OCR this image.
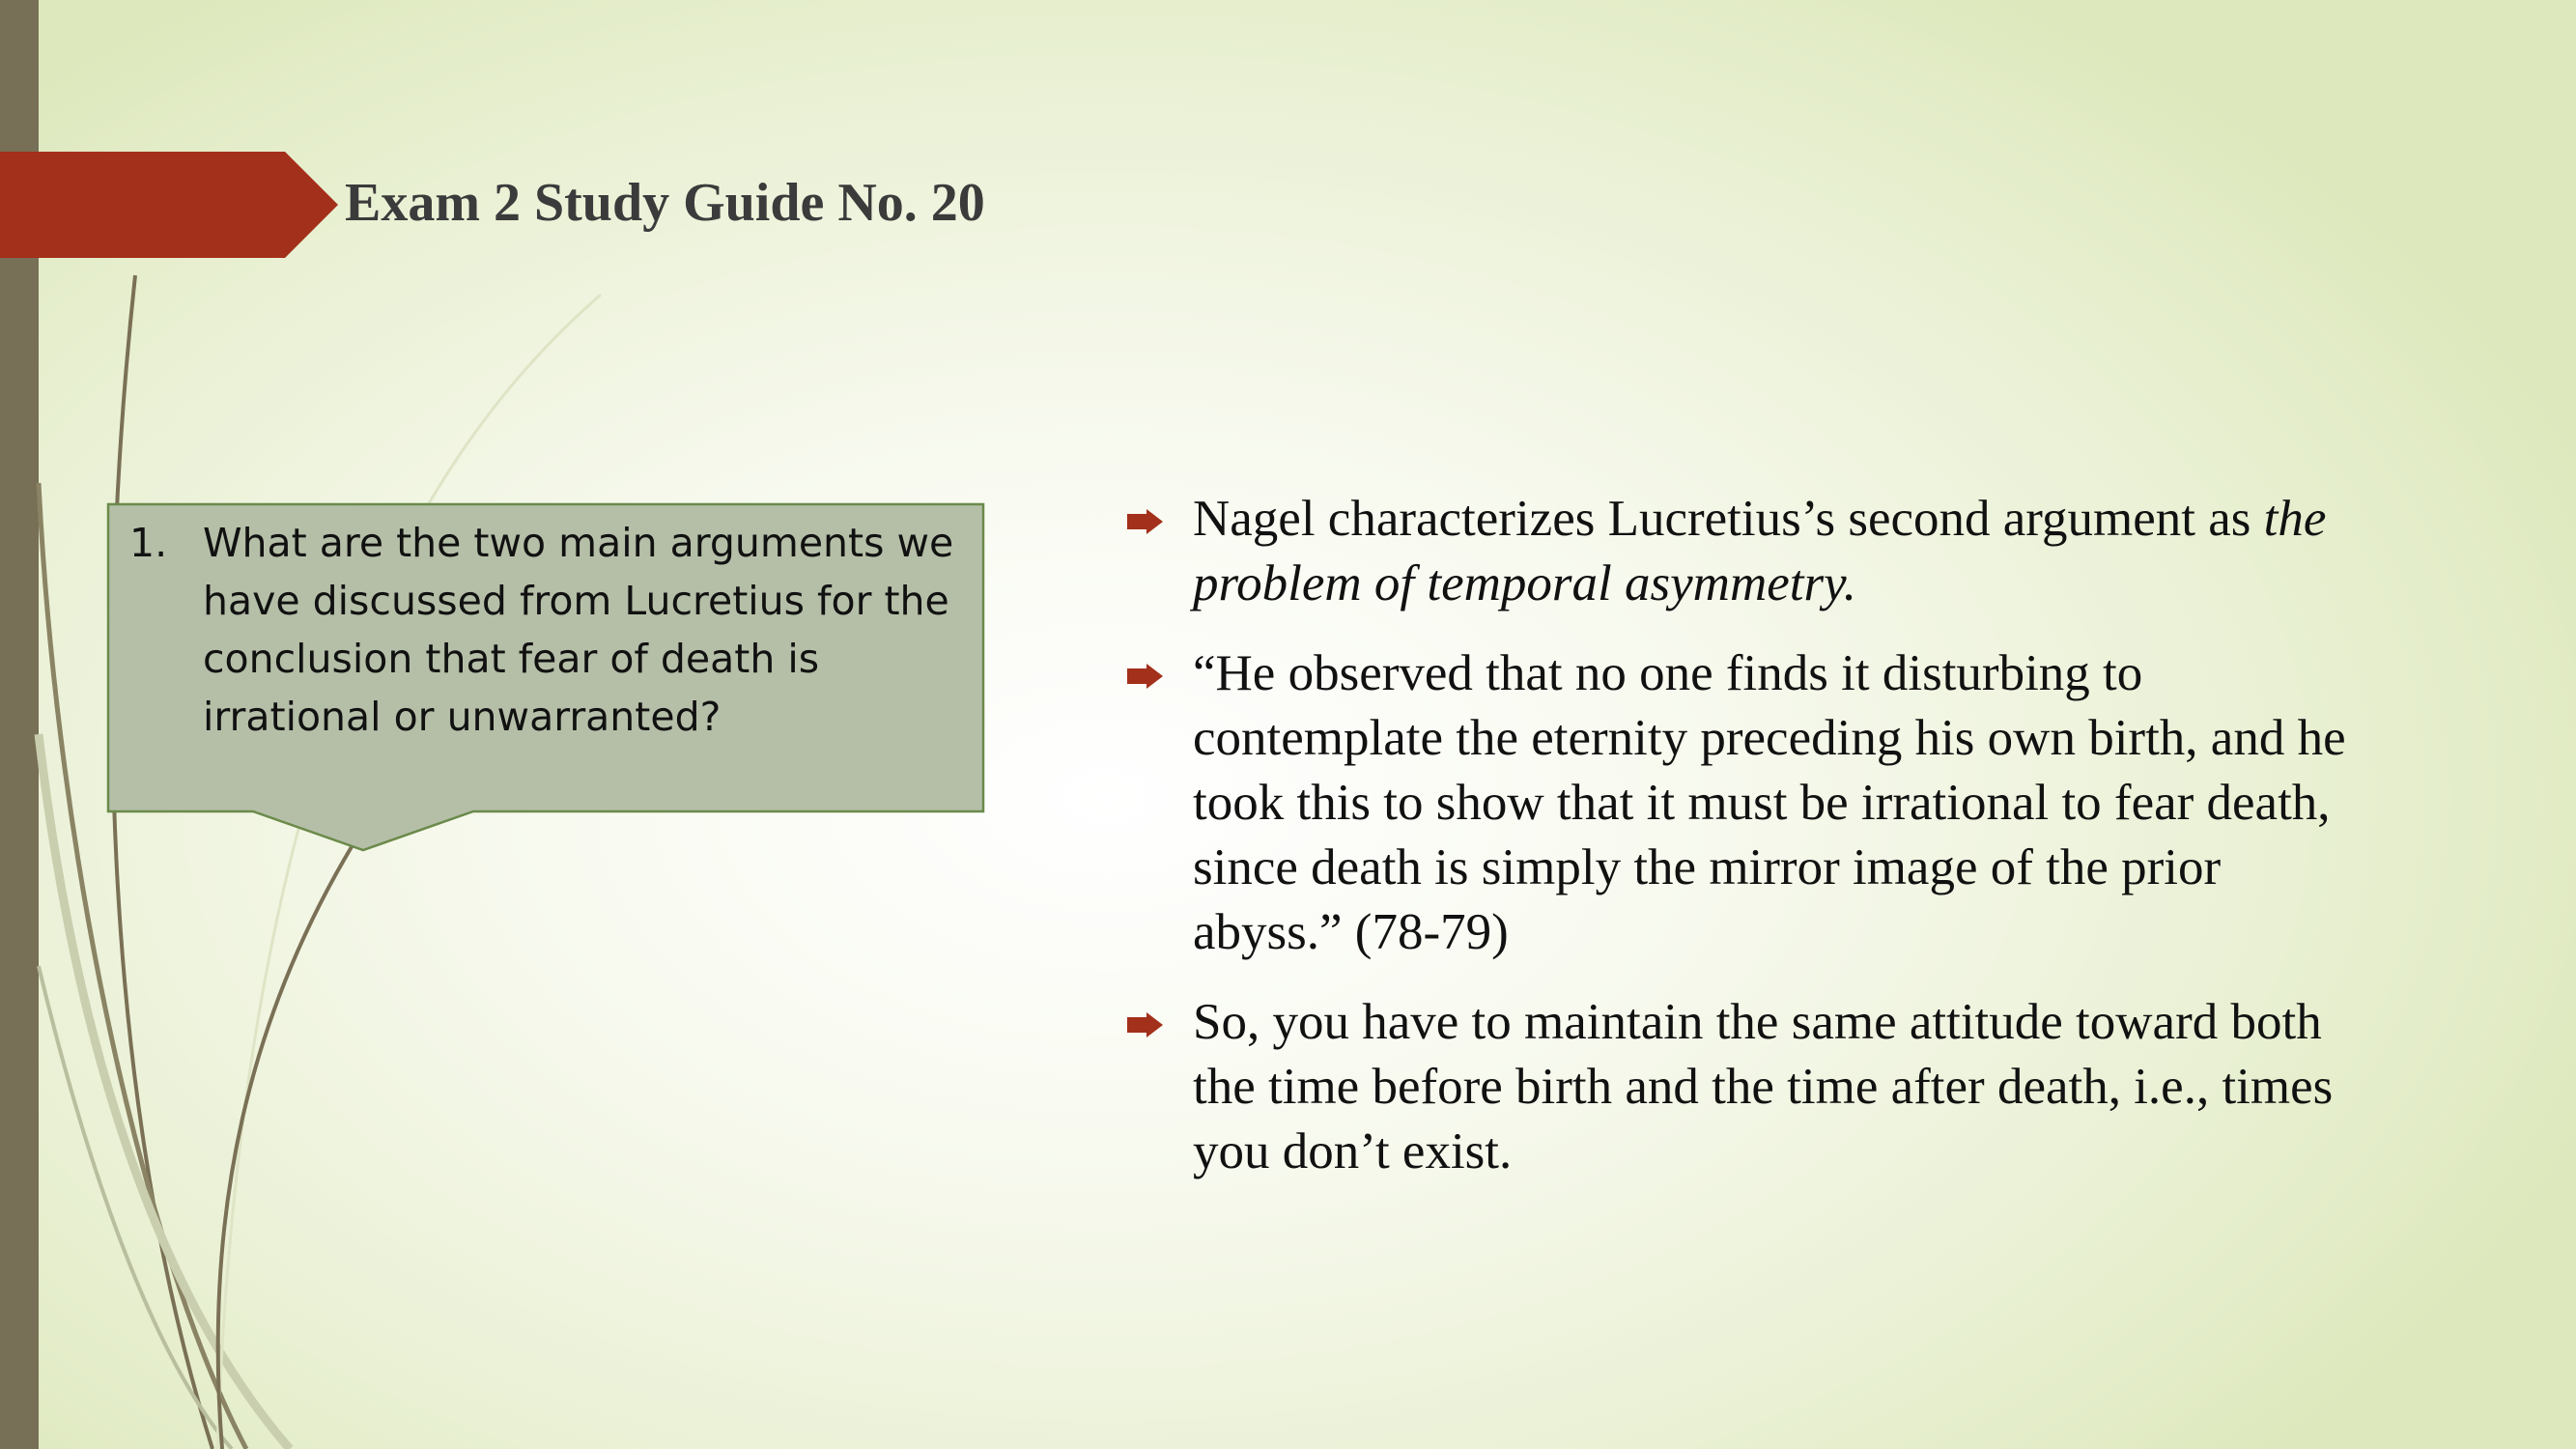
Exam 2 Study Guide No. 20
1. What are the two main arguments we have discussed from Lucretius for the conclusion that fear of death is irrational or unwarranted?
Nagel characterizes Lucretius’s second argument as the problem of temporal asymmetry.
“He observed that no one finds it disturbing to contemplate the eternity preceding his own birth, and he took this to show that it must be irrational to fear death, since death is simply the mirror image of the prior abyss.” (78-79)
So, you have to maintain the same attitude toward both the time before birth and the time after death, i.e., times you don’t exist.
